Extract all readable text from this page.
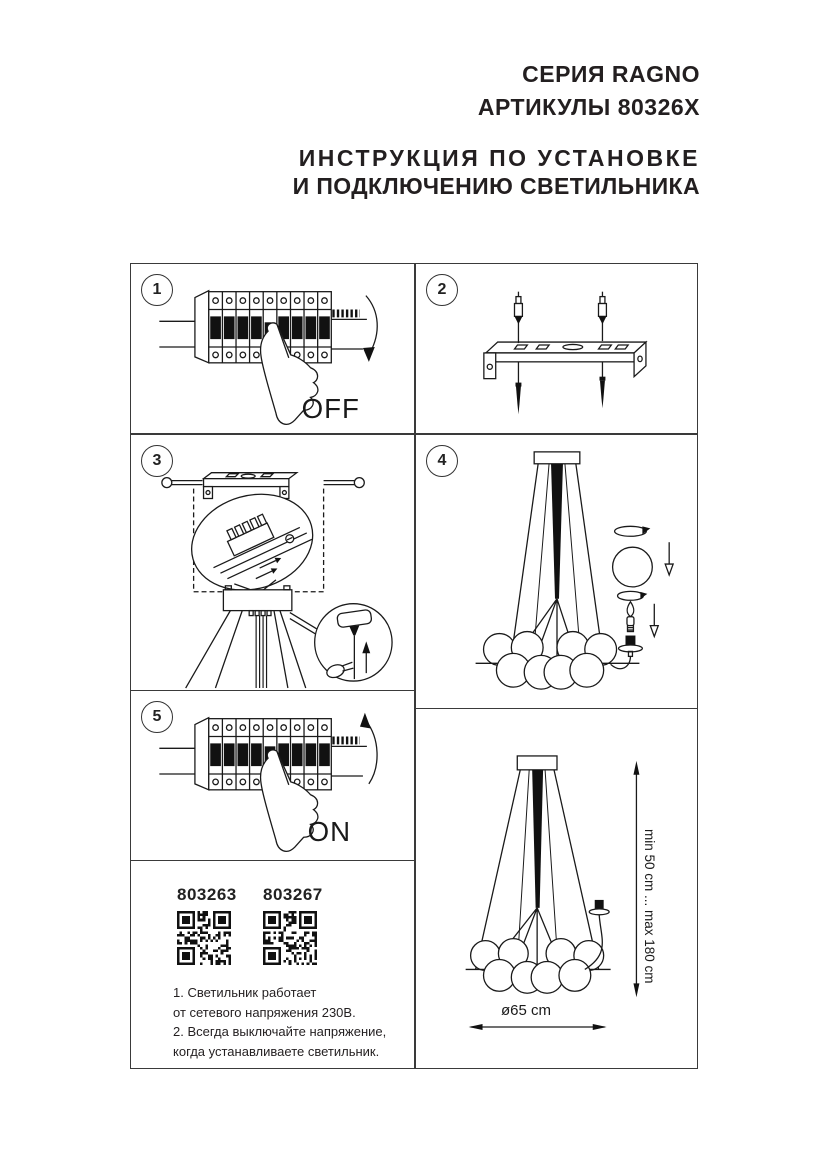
СЕРИЯ RAGNO
АРТИКУЛЫ 80326X
ИНСТРУКЦИЯ ПО УСТАНОВКЕ
И ПОДКЛЮЧЕНИЮ СВЕТИЛЬНИКА
1
OFF
2
3	4
5
ON
803263 803267
1. Светильник работает
от сетевого напряжения 230В.
2. Всегда выключайте напряжение,
когда устанавливаете светильник.
min 50 cm ... max 180 cm
ø65 cm
